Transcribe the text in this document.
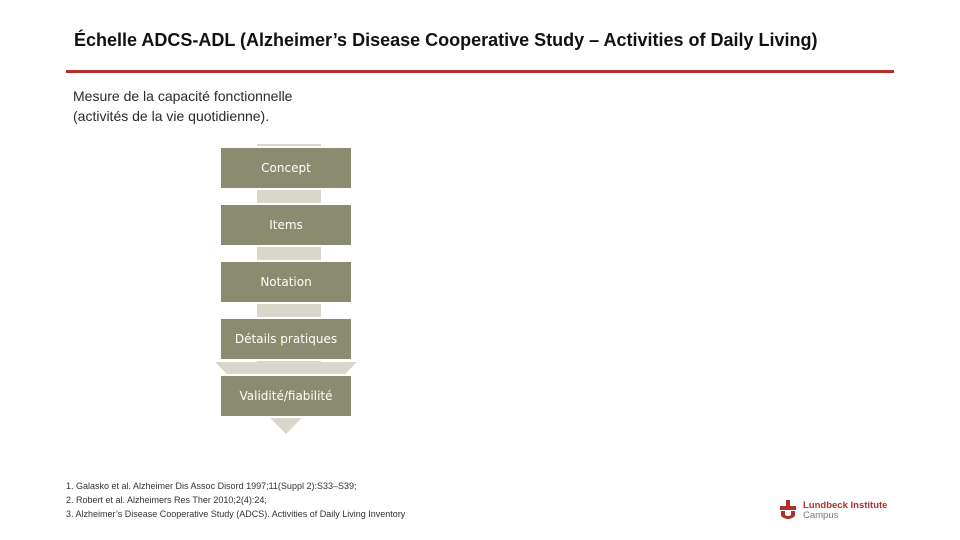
Échelle ADCS-ADL (Alzheimer’s Disease Cooperative Study – Activities of Daily Living)
Mesure de la capacité fonctionnelle
(activités de la vie quotidienne).
Concept
Items
Notation
Détails pratiques
Validité/fiabilité
1. Galasko et al. Alzheimer Dis Assoc Disord 1997;11(Suppl 2):S33–S39;
2. Robert et al. Alzheimers Res Ther 2010;2(4):24;
3. Alzheimer’s Disease Cooperative Study (ADCS). Activities of Daily Living Inventory
Lundbeck Institute
Campus
